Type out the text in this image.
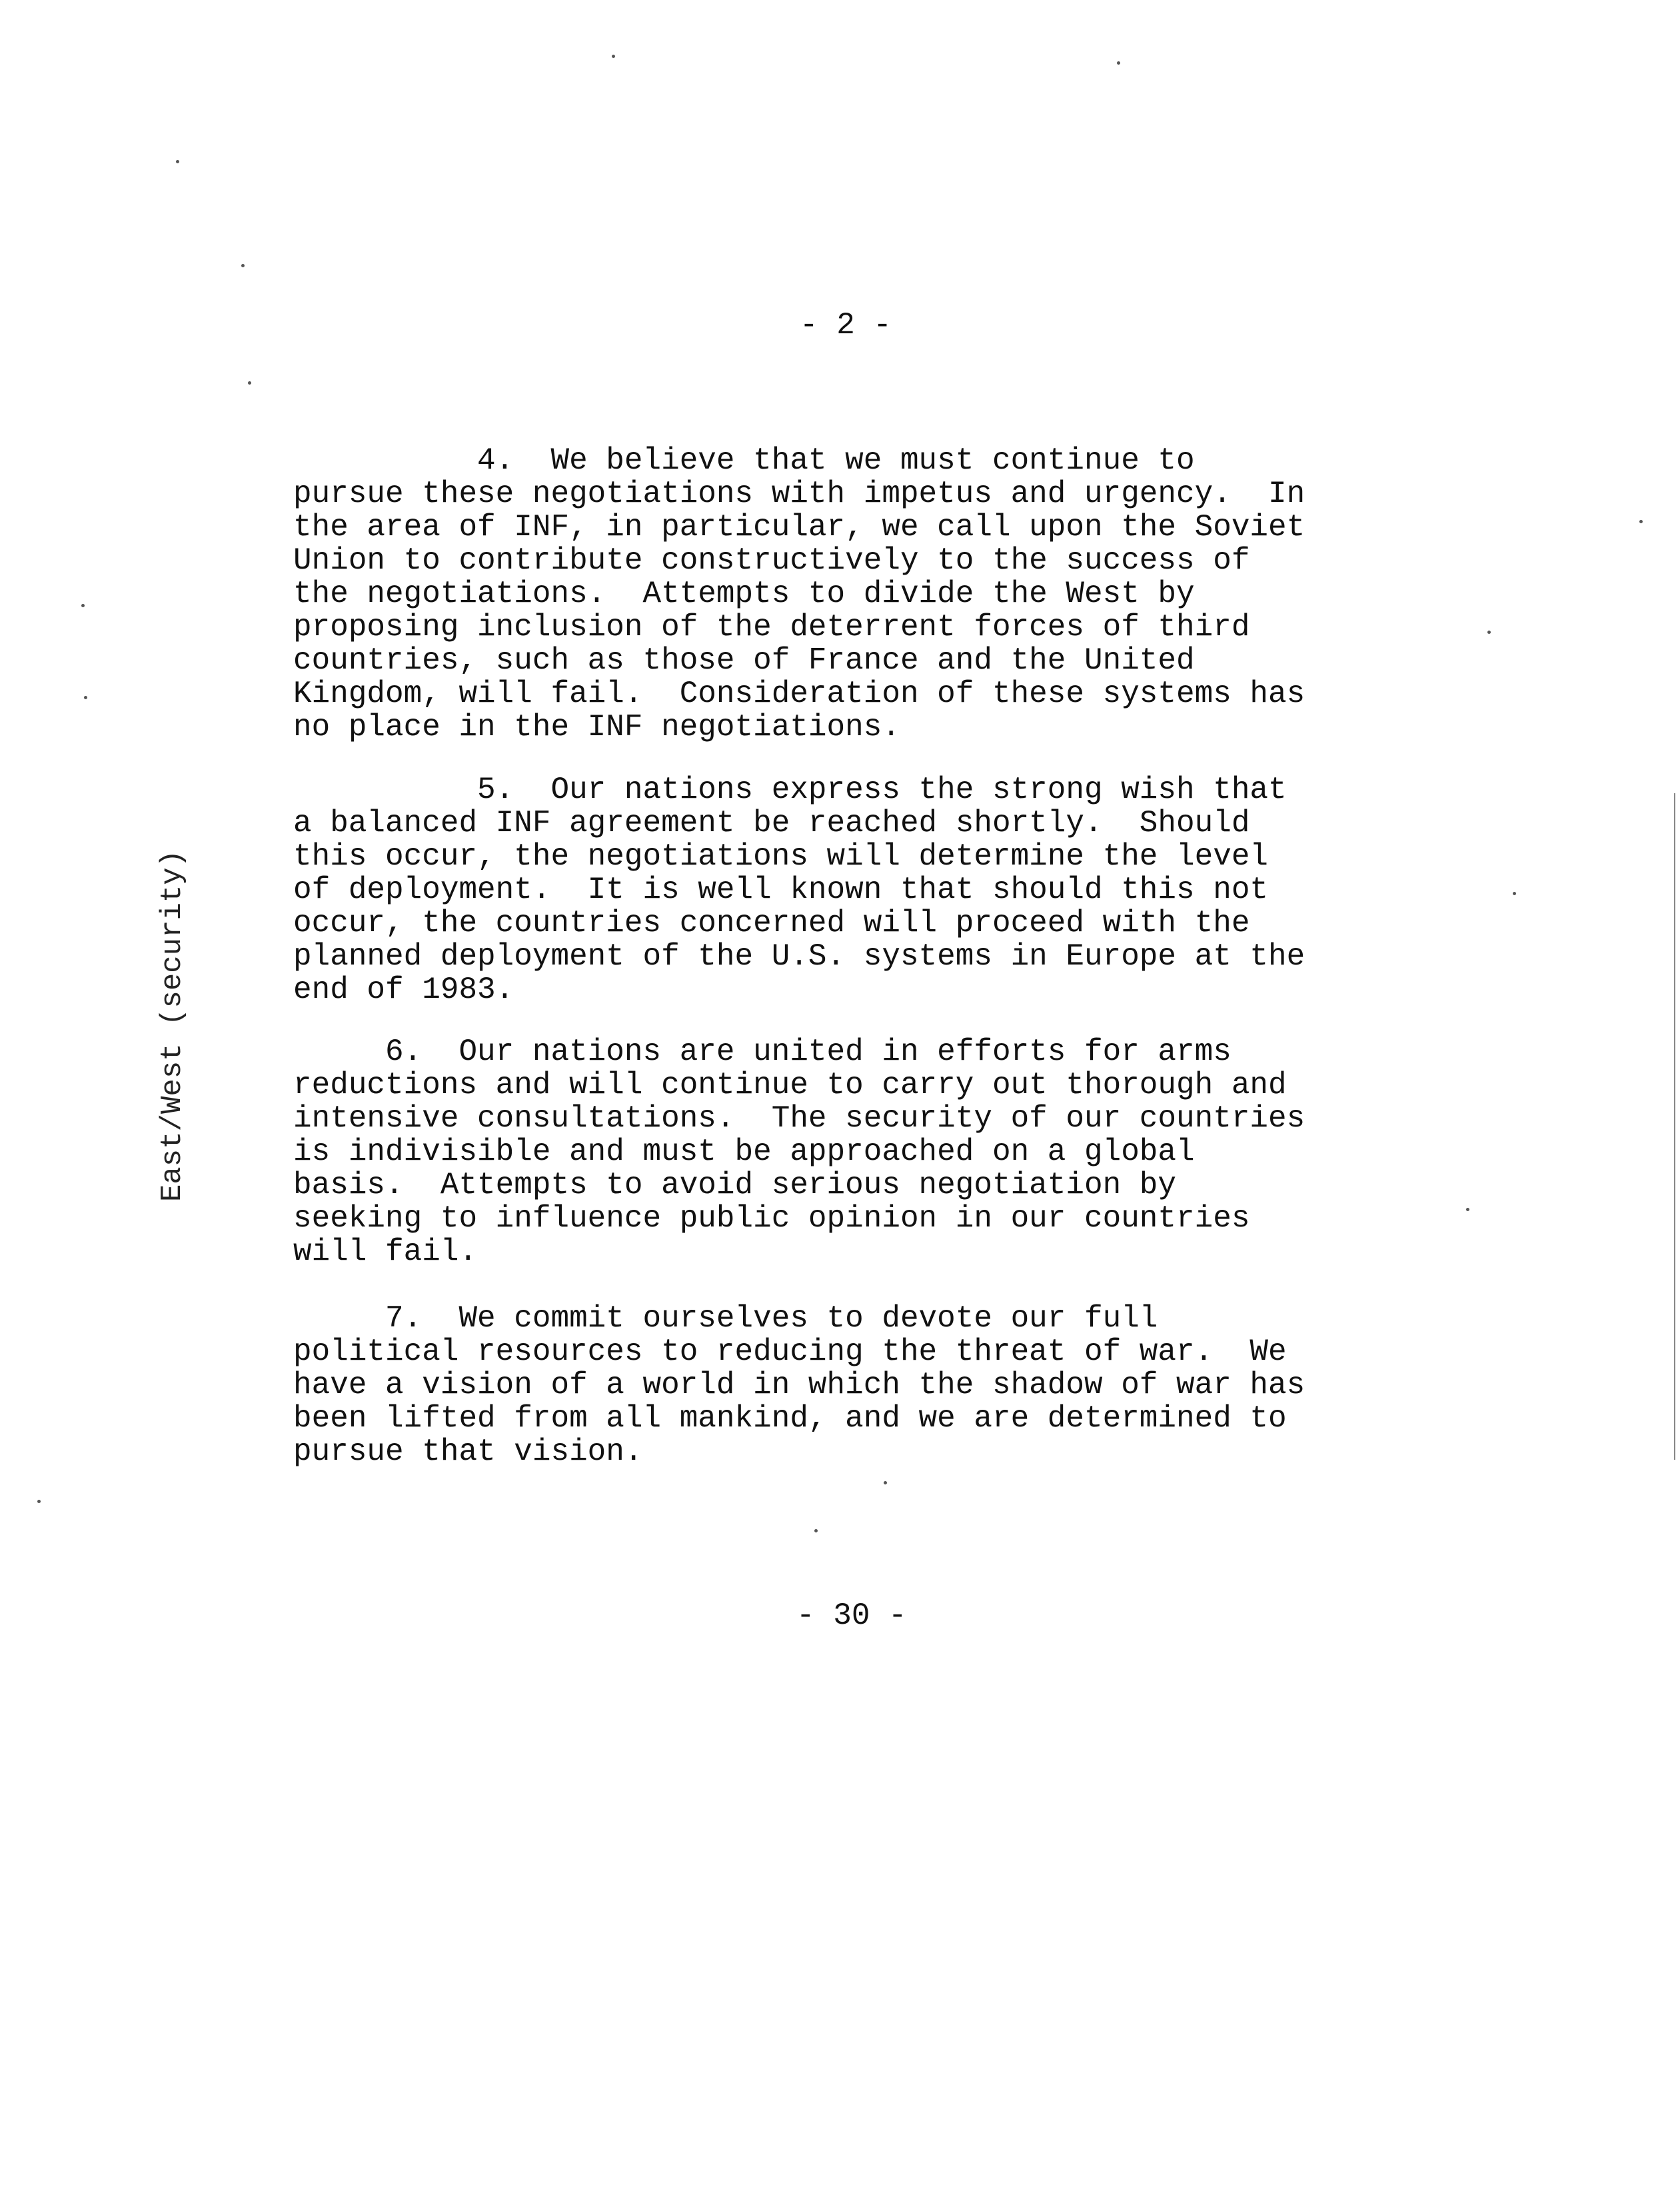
- 2 -
East/West (security)
4.  We believe that we must continue to
pursue these negotiations with impetus and urgency.  In
the area of INF, in particular, we call upon the Soviet
Union to contribute constructively to the success of
the negotiations.  Attempts to divide the West by
proposing inclusion of the deterrent forces of third
countries, such as those of France and the United
Kingdom, will fail.  Consideration of these systems has
no place in the INF negotiations.
5.  Our nations express the strong wish that
a balanced INF agreement be reached shortly.  Should
this occur, the negotiations will determine the level
of deployment.  It is well known that should this not
occur, the countries concerned will proceed with the
planned deployment of the U.S. systems in Europe at the
end of 1983.
6.  Our nations are united in efforts for arms
reductions and will continue to carry out thorough and
intensive consultations.  The security of our countries
is indivisible and must be approached on a global
basis.  Attempts to avoid serious negotiation by
seeking to influence public opinion in our countries
will fail.
7.  We commit ourselves to devote our full
political resources to reducing the threat of war.  We
have a vision of a world in which the shadow of war has
been lifted from all mankind, and we are determined to
pursue that vision.
- 30 -
